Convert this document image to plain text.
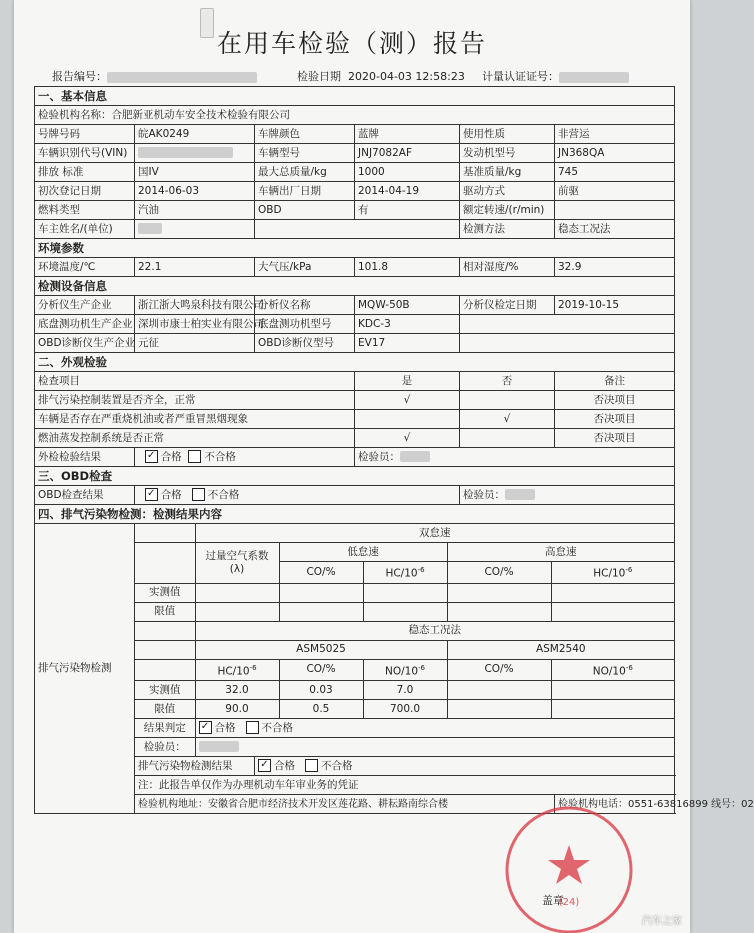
在用车检验（测）报告
报告编号：	检验日期 2020-04-03 12:58:23 计量认证证号：
一、基本信息
检验机构名称：合肥新亚机动车安全技术检验有限公司
号牌号码	皖AK0249	车牌颜色	蓝牌	使用性质	非营运
车辆识别代号(VIN)		车辆型号	JNJ7082AF	发动机型号	JN368QA
排放 标准	国IV	最大总质量/kg	1000	基准质量/kg	745
初次登记日期	2014-06-03	车辆出厂日期	2014-04-19	驱动方式	前驱
燃料类型	汽油	OBD	有	额定转速/(r/min)	
车主姓名/(单位)			检测方法	稳态工况法
环境参数
环境温度/℃	22.1	大气压/kPa	101.8	相对湿度/%	32.9
检测设备信息
分析仪生产企业	浙江浙大鸣泉科技有限公司	分析仪名称	MQW-50B	分析仪检定日期	2019-10-15
底盘测功机生产企业	深圳市康士柏实业有限公司	底盘测功机型号	KDC-3	
OBD诊断仪生产企业	元征	OBD诊断仪型号	EV17	
二、外观检验
检查项目	是	否	备注
排气污染控制装置是否齐全，正常	√		否决项目
车辆是否存在严重烧机油或者严重冒黑烟现象		√	否决项目
燃油蒸发控制系统是否正常	√		否决项目
外检检验结果	✓ 合格 不合格	检验员：
三、OBD检查
OBD检查结果	✓ 合格 不合格	检验员：
四、排气污染物检测：检测结果内容
排气污染物检测	
	双怠速
	过量空气系数(λ)	低怠速	高怠速
CO/%	$HC/10^{-6}$	CO/%	$HC/10^{-6}$
实测值					
限值					
	稳态工况法
	ASM5025	ASM2540
	$HC/10^{-6}$	CO/%	$NO/10^{-6}$	CO/%	$NO/10^{-6}$
实测值	32.0	0.03	7.0		
限值	90.0	0.5	700.0		
结果判定	✓ 合格 不合格
检验员：	

排气污染物检测结果	✓ 合格 不合格
注：此报告单仅作为办理机动车年审业务的凭证
检验机构地址：安徽省合肥市经济技术开发区莲花路、耕耘路南综合楼	检验机构电话：0551-63816899 线号：02
盖章
(24)
汽车之家
